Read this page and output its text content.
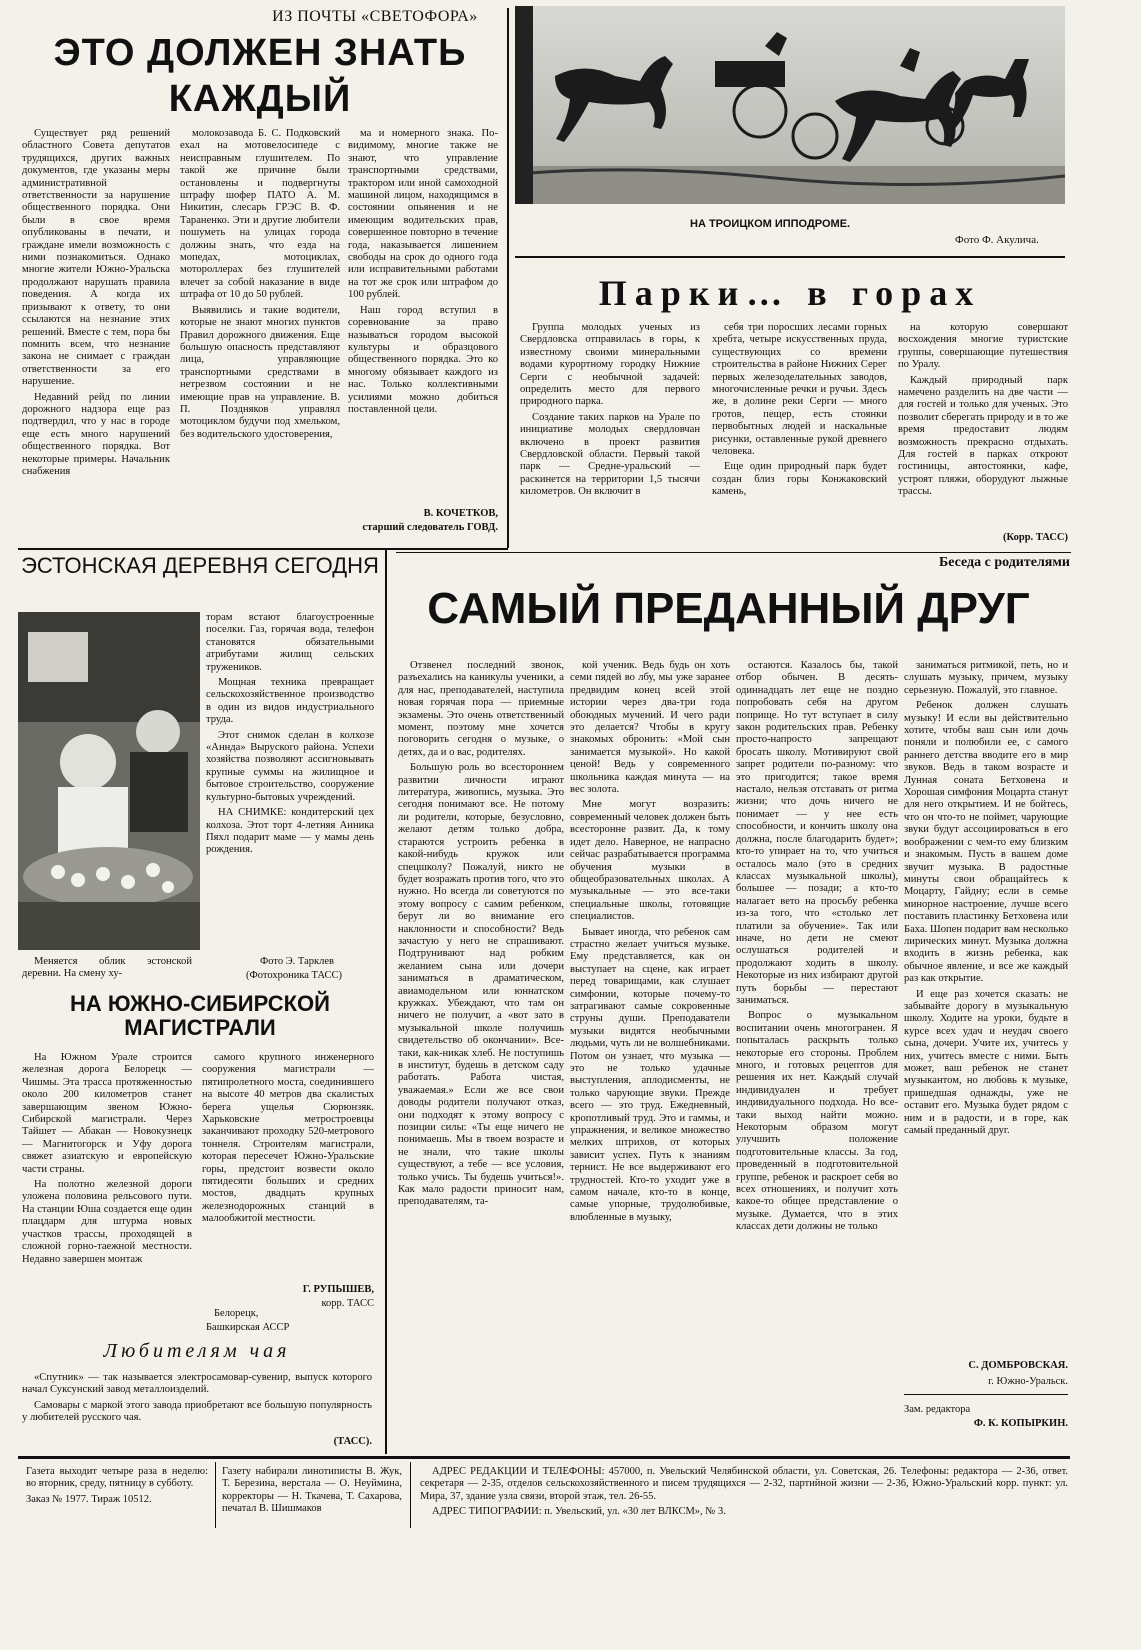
ИЗ ПОЧТЫ «СВЕТОФОРА»
ЭТО ДОЛЖЕН ЗНАТЬ КАЖДЫЙ

Существует ряд решений областного Совета депутатов трудящихся, других важных документов, где указаны меры административной ответственности за нарушение общественного порядка. Они были в свое время опубликованы в печати, и граждане имели возможность с ними познакомиться. Однако многие жители Южно-Уральска продолжают нарушать правила поведения. А когда их призывают к ответу, то они ссылаются на незнание этих решений. Вместе с тем, пора бы помнить всем, что незнание закона не снимает с граждан ответственности за его нарушение.

Недавний рейд по линии дорожного надзора еще раз подтвердил, что у нас в городе еще есть много нарушений общественного порядка. Вот некоторые примеры. Начальник снабжения

молокозавода Б. С. Подковский ехал на мотовелосипеде с неисправным глушителем. По такой же причине были остановлены и подвергнуты штрафу шофер ПАТО А. М. Никитин, слесарь ГРЭС В. Ф. Тараненко. Эти и другие любители пошуметь на улицах города должны знать, что езда на мопедах, мотоциклах, мотороллерах без глушителей влечет за собой наказание в виде штрафа от 10 до 50 рублей.

Выявились и такие водители, которые не знают многих пунктов Правил дорожного движения. Еще большую опасность представляют лица, управляющие транспортными средствами в нетрезвом состоянии и не имеющие прав на управление. В. П. Поздняков управлял мотоциклом будучи под хмельком, без водительского удостоверения,

ма и номерного знака. По-видимому, многие также не знают, что управление транспортными средствами, трактором или иной самоходной машиной лицом, находящимся в состоянии опьянения и не имеющим водительских прав, совершенное повторно в течение года, наказывается лишением свободы на срок до одного года или исправительными работами на тот же срок или штрафом до 100 рублей.

Наш город вступил в соревнование за право называться городом высокой культуры и образцового общественного порядка. Это ко многому обязывает каждого из нас. Только коллективными усилиями можно добиться поставленной цели.

В. КОЧЕТКОВ,
старший следователь ГОВД.
НА ТРОИЦКОМ ИППОДРОМЕ.
Фото Ф. Акулича.
Парки… в горах

Группа молодых ученых из Свердловска отправилась в горы, к известному своими минеральными водами курортному городку Нижние Серги с необычной задачей: определить место для первого природного парка.

Создание таких парков на Урале по инициативе молодых свердловчан включено в проект развития Свердловской области. Первый такой парк — Средне-уральский — раскинется на территории 1,5 тысячи километров. Он включит в

себя три поросших лесами горных хребта, четыре искусственных пруда, существующих со времени строительства в районе Нижних Серег первых железоделательных заводов, многочисленные речки и ручьи. Здесь же, в долине реки Серги — много гротов, пещер, есть стоянки первобытных людей и наскальные рисунки, оставленные рукой древнего человека.

Еще один природный парк будет создан близ горы Конжаковский камень,

на которую совершают восхождения многие туристские группы, совершающие путешествия по Уралу.

Каждый природный парк намечено разделить на две части — для гостей и только для ученых. Это позволит сберегать природу и в то же время предоставит людям возможность прекрасно отдыхать. Для гостей в парках откроют гостиницы, автостоянки, кафе, устроят пляжи, оборудуют лыжные трассы.

(Корр. ТАСС)
ЭСТОНСКАЯ ДЕРЕВНЯ СЕГОДНЯ

торам встают благоустроенные поселки. Газ, горячая вода, телефон становятся обязательными атрибутами жилищ сельских тружеников.

Мощная техника превращает сельскохозяйственное производство в один из видов индустриального труда.

Этот снимок сделан в колхозе «Аннда» Выруского района. Успехи хозяйства позволяют ассигновывать крупные суммы на жилищное и бытовое строительство, сооружение культурно-бытовых учреждений.

НА СНИМКЕ: кондитерский цех колхоза. Этот торт 4-летняя Анника Пяхл подарит маме — у мамы день рождения.

Меняется облик эстонской деревни. На смену ху-

Фото Э. Тарклев
(Фотохроника ТАСС)
НА ЮЖНО-СИБИРСКОЙ МАГИСТРАЛИ

На Южном Урале строится железная дорога Белорецк — Чишмы. Эта трасса протяженностью около 200 километров станет завершающим звеном Южно-Сибирской магистрали. Через Тайшет — Абакан — Новокузнецк — Магнитогорск и Уфу дорога свяжет азиатскую и европейскую части страны.

На полотно железной дороги уложена половина рельсового пути. На станции Юша создается еще один плацдарм для штурма новых участков трассы, проходящей в сложной горно-таежной местности. Недавно завершен монтаж

самого крупного инженерного сооружения магистрали — пятипролетного моста, соединившего на высоте 40 метров два скалистых берега ущелья Сюрюнзяк. Харьковские метростроевцы заканчивают проходку 520-метрового тоннеля. Строителям магистрали, которая пересечет Южно-Уральские горы, предстоит возвести около пятидесяти больших и средних мостов, двадцать крупных железнодорожных станций в малообжитой местности.

Г. РУПЫШЕВ,
корр. ТАСС
Белорецк,
Башкирская АССР
Любителям чая

«Спутник» — так называется электросамовар-сувенир, выпуск которого начал Суксунский завод металлоизделий.

Самовары с маркой этого завода приобретают все большую популярность у любителей русского чая.

(ТАСС).
Беседа с родителями
САМЫЙ ПРЕДАННЫЙ ДРУГ

Отзвенел последний звонок, разъехались на каникулы ученики, а для нас, преподавателей, наступила новая горячая пора — приемные экзамены. Это очень ответственный момент, поэтому мне хочется поговорить сегодня о музыке, о детях, да и о вас, родителях.

Большую роль во всестороннем развитии личности играют литература, живопись, музыка. Это сегодня понимают все. Не потому ли родители, которые, безусловно, желают детям только добра, стараются устроить ребенка в какой-нибудь кружок или спецшколу? Пожалуй, никто не будет возражать против того, что это нужно. Но всегда ли советуются по этому вопросу с самим ребенком, берут ли во внимание его наклонности и способности? Ведь зачастую у него не спрашивают. Подтрунивают над робким желанием сына или дочери заниматься в драматическом, авиамодельном или юннатском кружках. Убеждают, что там он ничего не получит, а «вот зато в музыкальной школе получишь свидетельство об окончании». Все-таки, как-никак хлеб. Не поступишь в институт, будешь в детском саду работать. Работа чистая, уважаемая.» Если же все свои доводы родители получают отказ, они подходят к этому вопросу с позиции силы: «Ты еще ничего не понимаешь. Мы в твоем возрасте и не знали, что такие школы существуют, а тебе — все условия, только учись. Ты будешь учиться!». Как мало радости приносит нам, преподавателям, та-

кой ученик. Ведь будь он хоть семи пядей во лбу, мы уже заранее предвидим конец всей этой истории через два-три года обоюдных мучений. И чего ради это делается? Чтобы в кругу знакомых обронить: «Мой сын занимается музыкой». Но какой ценой! Ведь у современного школьника каждая минута — на вес золота.

Мне могут возразить: современный человек должен быть всесторонне развит. Да, к тому идет дело. Наверное, не напрасно сейчас разрабатывается программа обучения музыки в общеобразовательных школах. А музыкальные — это все-таки специальные школы, готовящие специалистов.

Бывает иногда, что ребенок сам страстно желает учиться музыке. Ему представляется, как он выступает на сцене, как играет перед товарищами, как слушает симфонии, которые почему-то затрагивают самые сокровенные струны души. Преподаватели музыки видятся необычными людьми, чуть ли не волшебниками. Потом он узнает, что музыка — это не только удачные выступления, аплодисменты, не только чарующие звуки. Прежде всего — это труд. Ежедневный, кропотливый труд. Это и гаммы, и упражнения, и великое множество мелких штрихов, от которых зависит успех. Путь к знаниям тернист. Не все выдерживают его трудностей. Кто-то уходит уже в самом начале, кто-то в конце, самые упорные, трудолюбивые, влюбленные в музыку,

остаются. Казалось бы, такой отбор обычен. В десять-одиннадцать лет еще не поздно попробовать себя на другом поприще. Но тут вступает в силу закон родительских прав. Ребенку просто-напросто запрещают бросать школу. Мотивируют свой запрет родители по-разному: что это пригодится; такое время настало, нельзя отставать от ритма жизни; что дочь ничего не понимает — у нее есть способности, и кончить школу она должна, после благодарить будет»; кто-то упирает на то, что учиться осталось мало (это в средних классах музыкальной школы), большее — позади; а кто-то налагает вето на просьбу ребенка из-за того, что «столько лет платили за обучение». Так или иначе, но дети не смеют ослушаться родителей и продолжают ходить в школу. Некоторые из них избирают другой путь борьбы — перестают заниматься.

Вопрос о музыкальном воспитании очень многогранен. Я попыталась раскрыть только некоторые его стороны. Проблем много, и готовых рецептов для решения их нет. Каждый случай индивидуален и требует индивидуального подхода. Но все-таки выход найти можно. Некоторым образом могут улучшить положение подготовительные классы. За год, проведенный в подготовительной группе, ребенок и раскроет себя во всех отношениях, и получит хоть какое-то общее представление о музыке. Думается, что в этих классах дети должны не только

заниматься ритмикой, петь, но и слушать музыку, причем, музыку серьезную. Пожалуй, это главное.

Ребенок должен слушать музыку! И если вы действительно хотите, чтобы ваш сын или дочь поняли и полюбили ее, с самого раннего детства вводите его в мир звуков. Ведь в таком возрасте и Лунная соната Бетховена и Хорошая симфония Моцарта станут для него открытием. И не бойтесь, что он что-то не поймет, чарующие звуки будут ассоциироваться в его воображении с чем-то ему близким и знакомым. Пусть в вашем доме звучит музыка. В радостные минуты свои обращайтесь к Моцарту, Гайдну; если в семье минорное настроение, лучше всего поставить пластинку Бетховена или Баха. Шопен подарит вам несколько лирических минут. Музыка должна входить в жизнь ребенка, как обычное явление, и все же каждый раз как открытие.

И еще раз хочется сказать: не забывайте дорогу в музыкальную школу. Ходите на уроки, будьте в курсе всех удач и неудач своего сына, дочери. Учите их, учитесь у них, учитесь вместе с ними. Быть может, ваш ребенок не станет музыкантом, но любовь к музыке, пришедшая однажды, уже не оставит его. Музыка будет рядом с ним и в радости, и в горе, как самый преданный друг.

С. ДОМБРОВСКАЯ.
г. Южно-Уральск.
Зам. редактора
Ф. К. КОПЫРКИН.

Газета выходит четыре раза в неделю: во вторник, среду, пятницу в субботу.

Заказ № 1977. Тираж 10512.

Газету набирали линотиписты В. Жук, Т. Березина, верстала — О. Неуймина, корректоры — Н. Ткачева, Т. Сахарова, печатал В. Шишмаков

АДРЕС РЕДАКЦИИ И ТЕЛЕФОНЫ: 457000, п. Увельский Челябинской области, ул. Советская, 26. Телефоны: редактора — 2-36, ответ. секретаря — 2-35, отделов сельскохозяйственного и писем трудящихся — 2-32, партийной жизни — 2-36, Южно-Уральский корр. пункт: ул. Мира, 37, здание узла связи, второй этаж, тел. 26-55.

АДРЕС ТИПОГРАФИИ: п. Увельский, ул. «30 лет ВЛКСМ», № 3.
